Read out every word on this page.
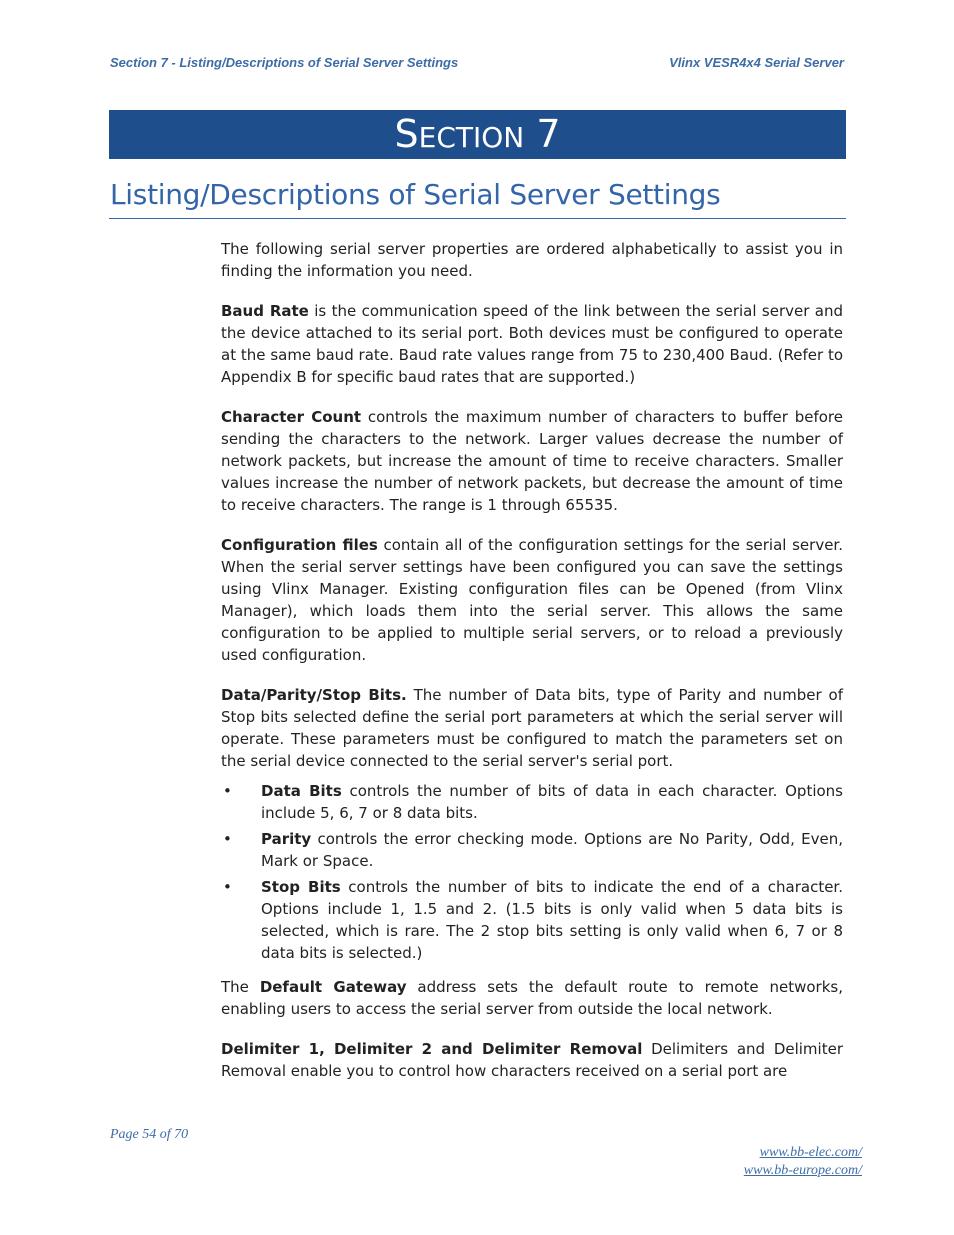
Section 7 - Listing/Descriptions of Serial Server Settings	Vlinx VESR4x4 Serial Server
SECTION 7
Listing/Descriptions of Serial Server Settings

The following serial server properties are ordered alphabetically to assist you in finding the information you need.

Baud Rate is the communication speed of the link between the serial server and the device attached to its serial port. Both devices must be configured to operate at the same baud rate. Baud rate values range from 75 to 230,400 Baud. (Refer to Appendix B for specific baud rates that are supported.)

Character Count controls the maximum number of characters to buffer before sending the characters to the network. Larger values decrease the number of network packets, but increase the amount of time to receive characters. Smaller values increase the number of network packets, but decrease the amount of time to receive characters. The range is 1 through 65535.

Configuration files contain all of the configuration settings for the serial server. When the serial server settings have been configured you can save the settings using Vlinx Manager. Existing configuration files can be Opened (from Vlinx Manager), which loads them into the serial server. This allows the same configuration to be applied to multiple serial servers, or to reload a previously used configuration.

Data/Parity/Stop Bits. The number of Data bits, type of Parity and number of Stop bits selected define the serial port parameters at which the serial server will operate. These parameters must be configured to match the parameters set on the serial device connected to the serial server's serial port.

• Data Bits controls the number of bits of data in each character. Options include 5, 6, 7 or 8 data bits.
• Parity controls the error checking mode. Options are No Parity, Odd, Even, Mark or Space.
• Stop Bits controls the number of bits to indicate the end of a character. Options include 1, 1.5 and 2. (1.5 bits is only valid when 5 data bits is selected, which is rare. The 2 stop bits setting is only valid when 6, 7 or 8 data bits is selected.)

The Default Gateway address sets the default route to remote networks, enabling users to access the serial server from outside the local network.

Delimiter 1, Delimiter 2 and Delimiter Removal Delimiters and Delimiter Removal enable you to control how characters received on a serial port are

Page 54 of 70
www.bb-elec.com/
www.bb-europe.com/
